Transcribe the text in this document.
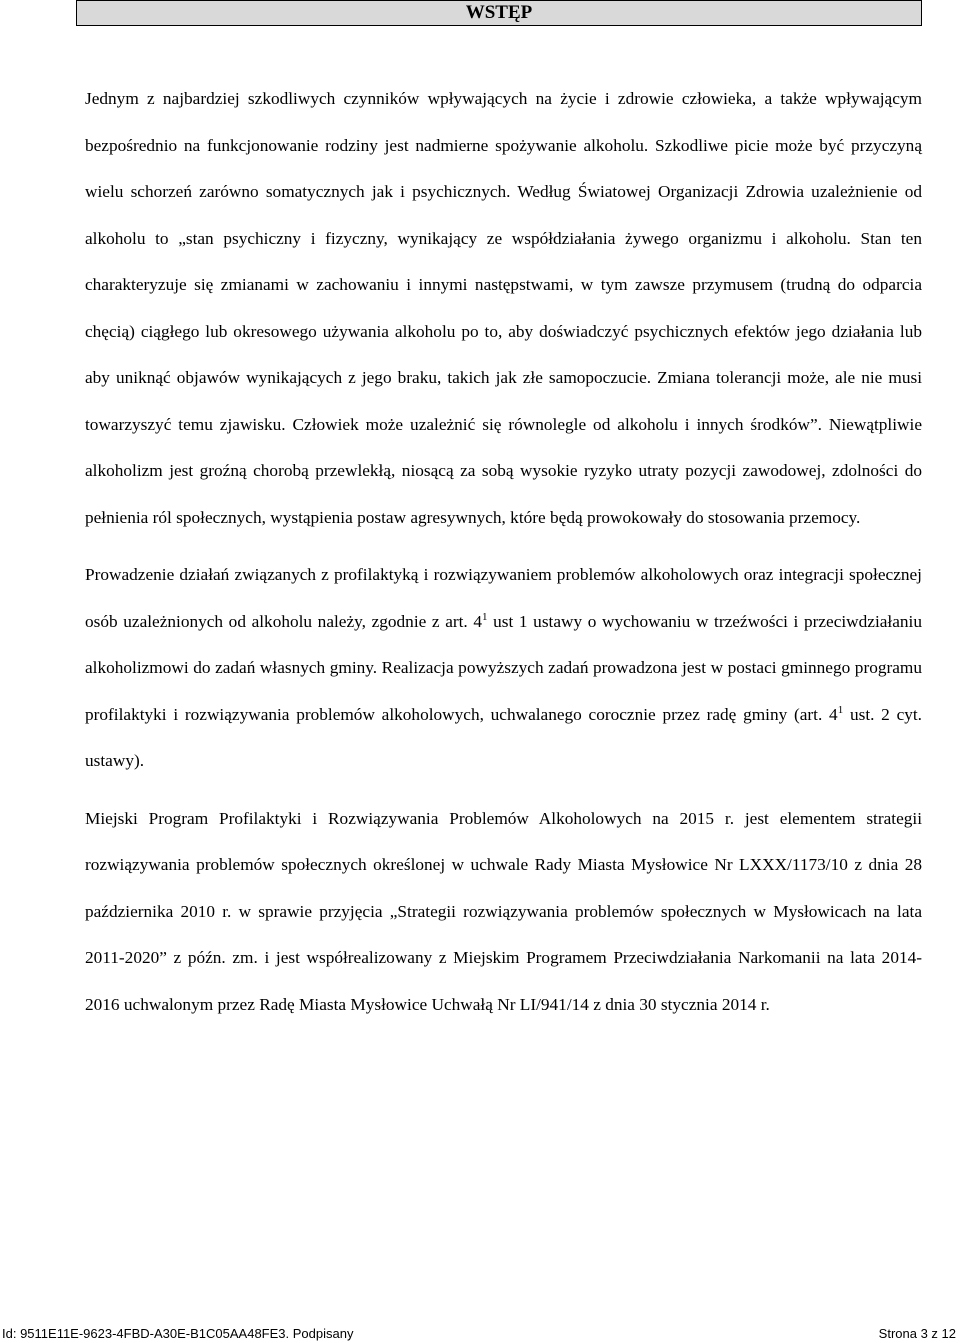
WSTĘP

Jednym z najbardziej szkodliwych czynników wpływających na życie i zdrowie człowieka, a także wpływającym bezpośrednio na funkcjonowanie rodziny jest nadmierne spożywanie alkoholu. Szkodliwe picie może być przyczyną wielu schorzeń zarówno somatycznych jak i psychicznych. Według Światowej Organizacji Zdrowia uzależnienie od alkoholu to „stan psychiczny i fizyczny, wynikający ze współdziałania żywego organizmu i alkoholu. Stan ten charakteryzuje się zmianami w zachowaniu i innymi następstwami, w tym zawsze przymusem (trudną do odparcia chęcią) ciągłego lub okresowego używania alkoholu po to, aby doświadczyć psychicznych efektów jego działania lub aby uniknąć objawów wynikających z jego braku, takich jak złe samopoczucie. Zmiana tolerancji może, ale nie musi towarzyszyć temu zjawisku. Człowiek może uzależnić się równolegle od alkoholu i innych środków”. Niewątpliwie alkoholizm jest groźną chorobą przewlekłą, niosącą za sobą wysokie ryzyko utraty pozycji zawodowej, zdolności do pełnienia ról społecznych, wystąpienia postaw agresywnych, które będą prowokowały do stosowania przemocy.

Prowadzenie działań związanych z profilaktyką i rozwiązywaniem problemów alkoholowych oraz integracji społecznej osób uzależnionych od alkoholu należy, zgodnie z art. $4^1$ ust 1 ustawy o wychowaniu w trzeźwości i przeciwdziałaniu alkoholizmowi do zadań własnych gminy. Realizacja powyższych zadań prowadzona jest w postaci gminnego programu profilaktyki i rozwiązywania problemów alkoholowych, uchwalanego corocznie przez radę gminy (art. $4^1$ ust. 2 cyt. ustawy).

Miejski Program Profilaktyki i Rozwiązywania Problemów Alkoholowych na 2015 r. jest elementem strategii rozwiązywania problemów społecznych określonej w uchwale Rady Miasta Mysłowice Nr LXXX/1173/10 z dnia 28 października 2010 r. w sprawie przyjęcia „Strategii rozwiązywania problemów społecznych w Mysłowicach na lata 2011-2020” z późn. zm. i jest współrealizowany z Miejskim Programem Przeciwdziałania Narkomanii na lata 2014-2016 uchwalonym przez Radę Miasta Mysłowice Uchwałą Nr LI/941/14 z dnia 30 stycznia 2014 r.

Id: 9511E11E-9623-4FBD-A30E-B1C05AA48FE3. Podpisany	Strona 3 z 12
